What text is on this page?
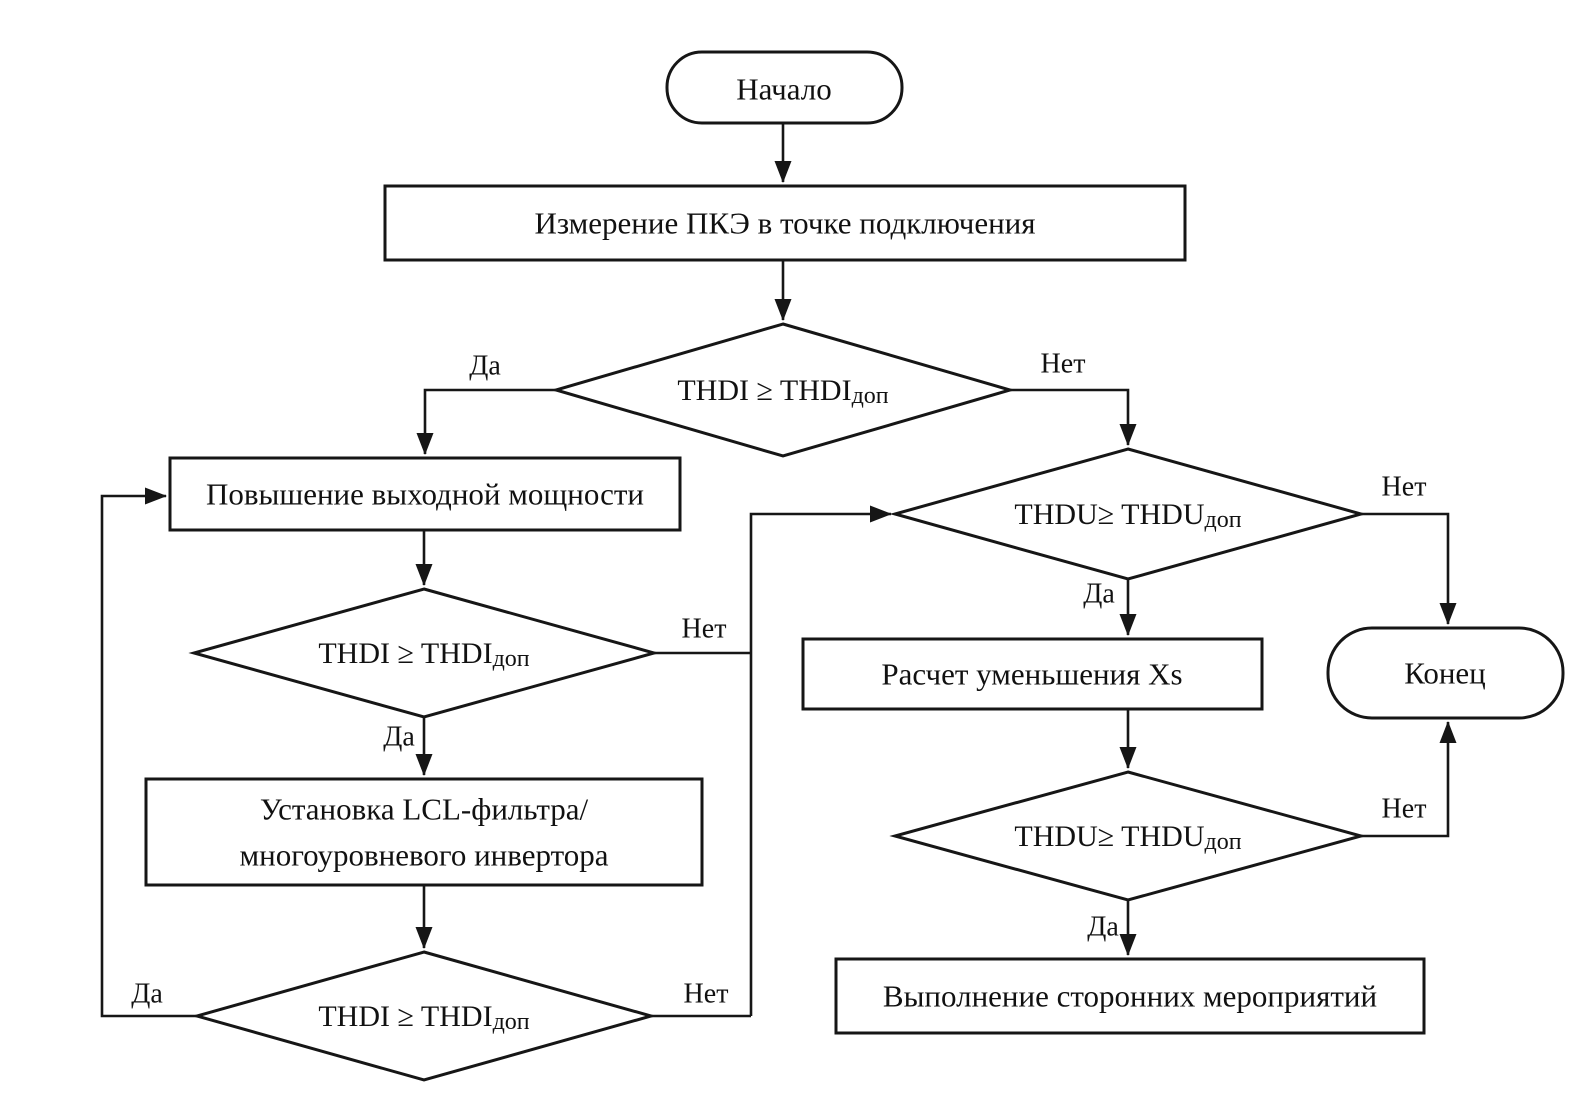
Начало
Измерение ПКЭ в точке подключения
THDI ≥ $THDI_{доп}$
Повышение выходной мощности
THDI ≥ $THDI_{доп}$
Установка LCL-фильтра/
многоуровневого инвертора
THDI ≥ $THDI_{доп}$
THDU≥ $THDU_{доп}$
Расчет уменьшения Xs
THDU≥ $THDU_{доп}$
Выполнение сторонних мероприятий
Конец
Да	Нет
Да
Нет
Да	Нет
Да
Нет
Да
Нет
